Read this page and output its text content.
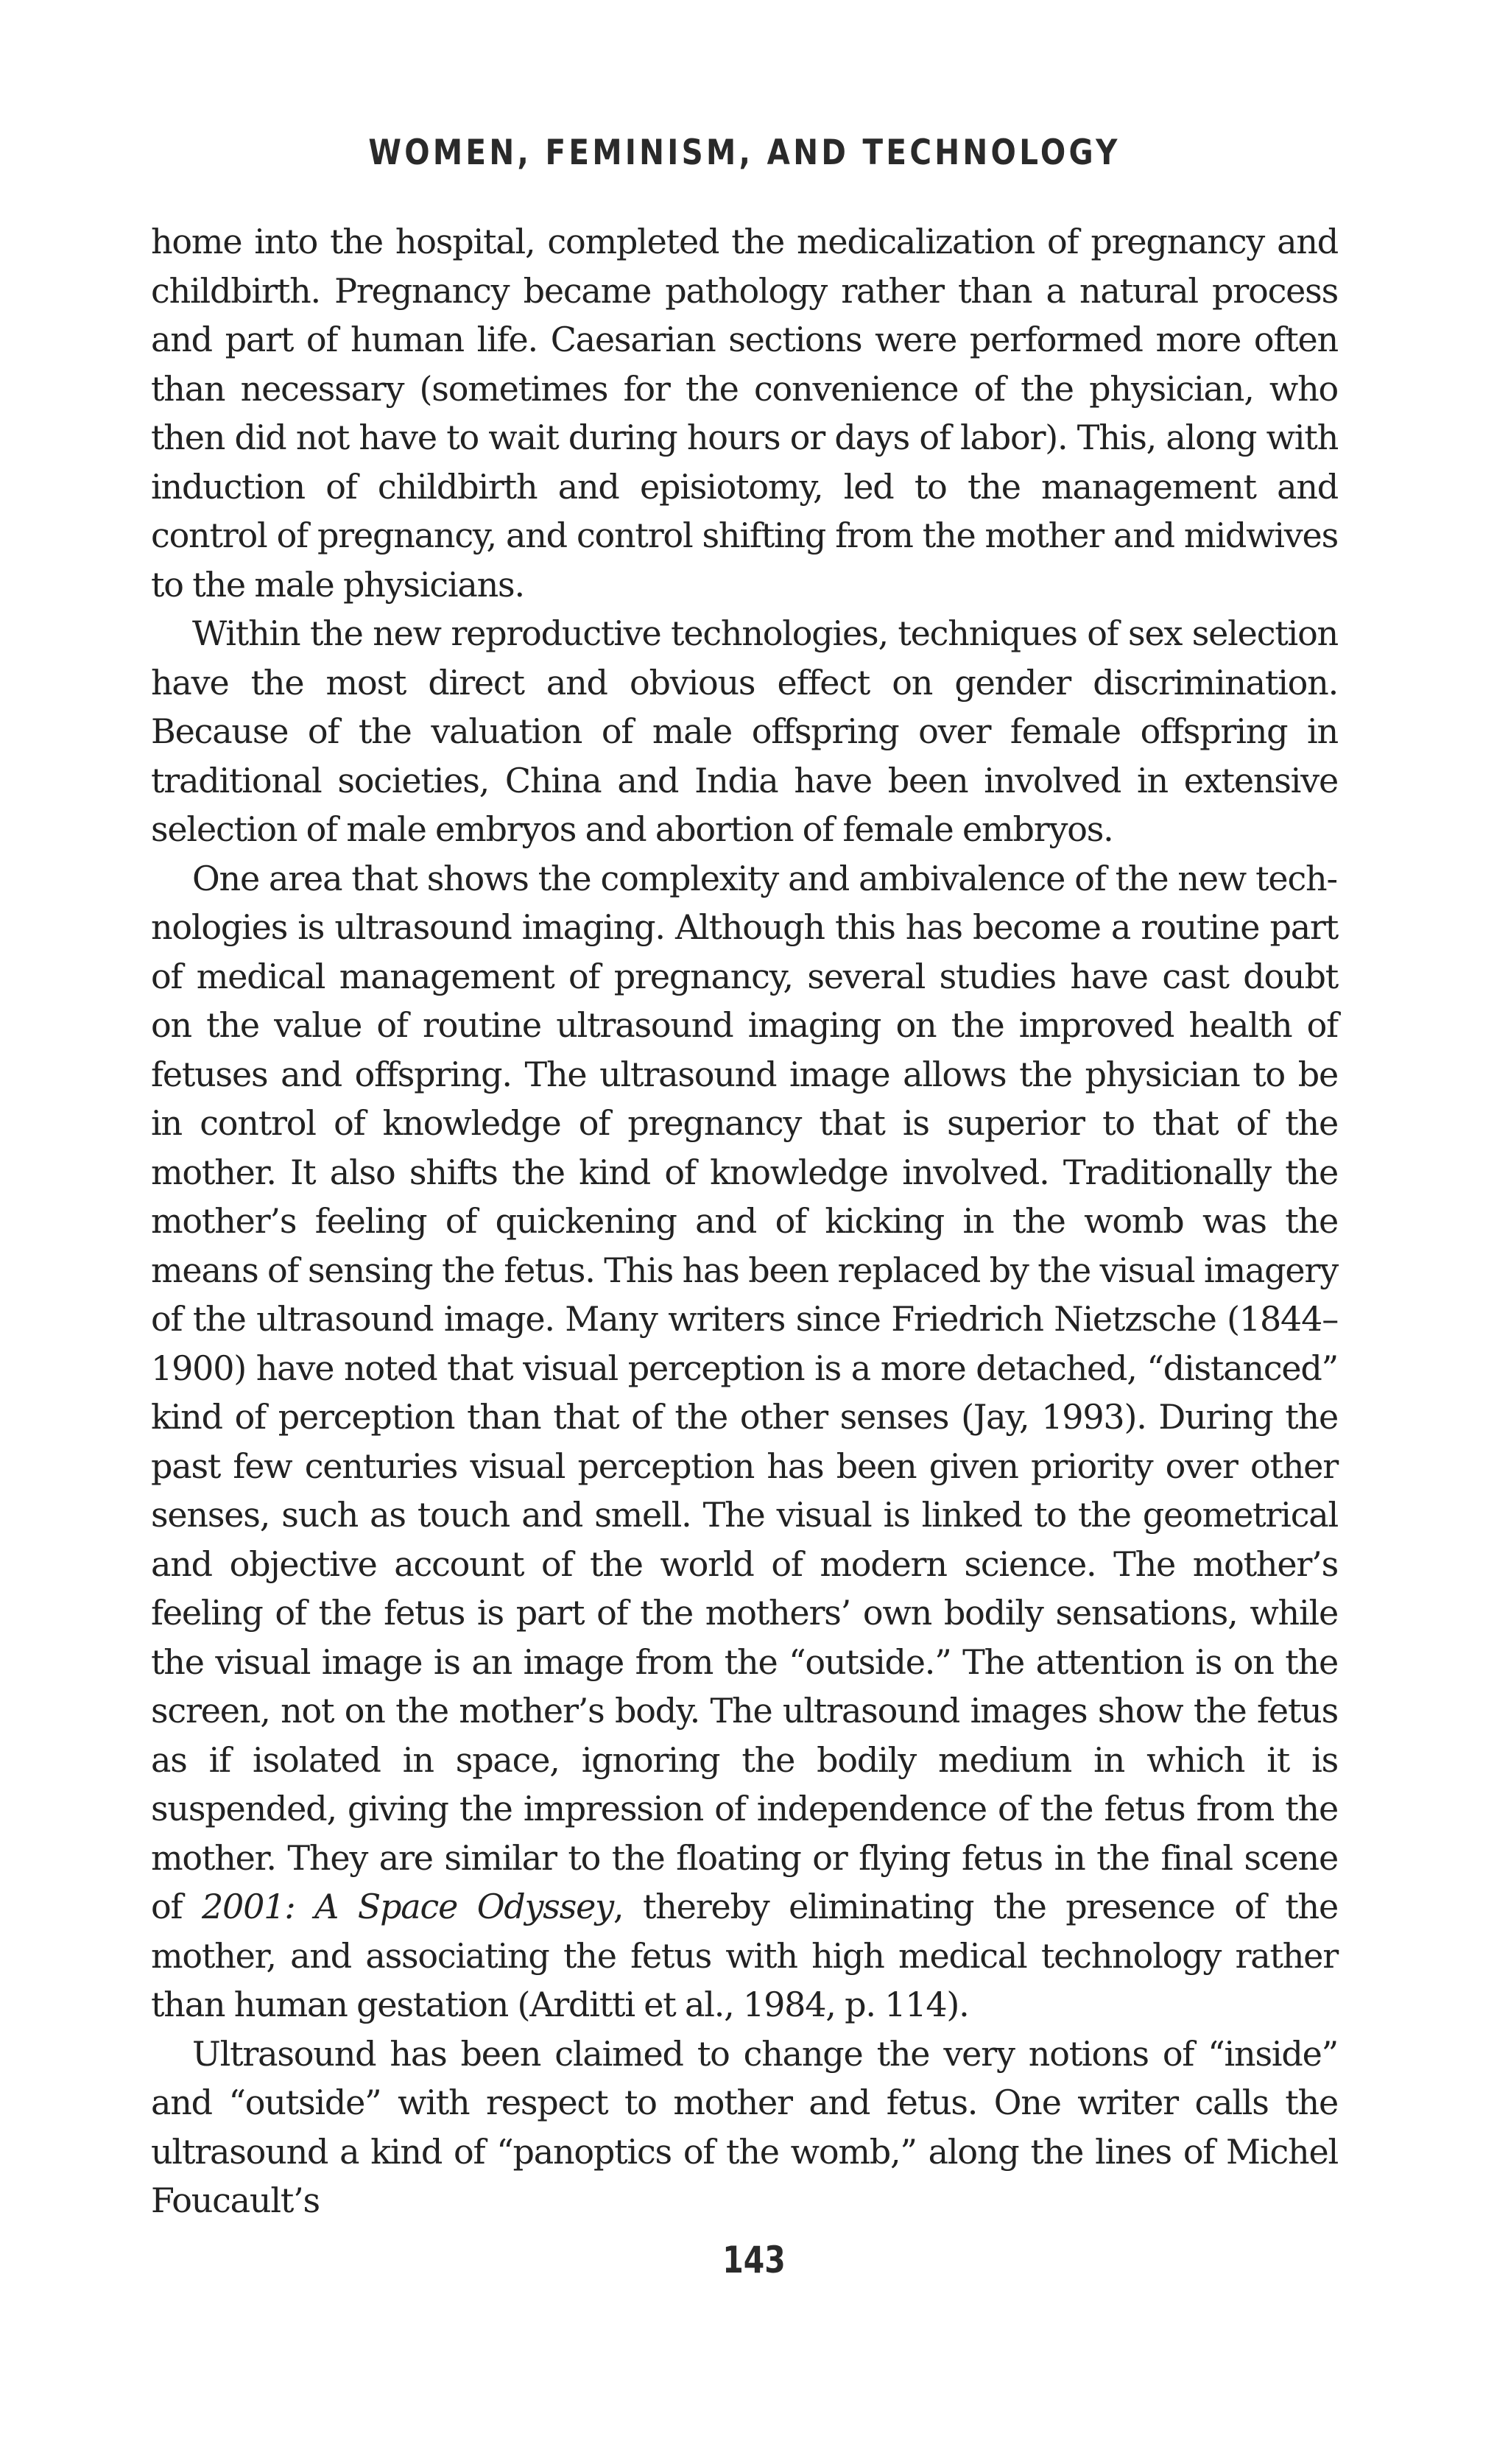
WOMEN, FEMINISM, AND TECHNOLOGY

home into the hospital, completed the medicalization of pregnancy and childbirth. Pregnancy became pathology rather than a natural process and part of human life. Caesarian sections were performed more often than necessary (sometimes for the convenience of the physician, who then did not have to wait during hours or days of labor). This, along with induction of childbirth and episiotomy, led to the management and control of pregnancy, and control shifting from the mother and midwives to the male physicians.

Within the new reproductive technologies, techniques of sex selection have the most direct and obvious effect on gender discrimination. Because of the valuation of male offspring over female offspring in traditional societies, China and India have been involved in extensive selection of male embryos and abortion of female embryos.

One area that shows the complexity and ambivalence of the new technologies is ultrasound imaging. Although this has become a routine part of medical management of pregnancy, several studies have cast doubt on the value of routine ultrasound imaging on the improved health of fetuses and offspring. The ultrasound image allows the physician to be in control of knowledge of pregnancy that is superior to that of the mother. It also shifts the kind of knowledge involved. Traditionally the mother’s feeling of quickening and of kicking in the womb was the means of sensing the fetus. This has been replaced by the visual imagery of the ultrasound image. Many writers since Friedrich Nietzsche (1844–1900) have noted that visual perception is a more detached, “distanced” kind of perception than that of the other senses (Jay, 1993). During the past few centuries visual perception has been given priority over other senses, such as touch and smell. The visual is linked to the geometrical and objective account of the world of modern science. The mother’s feeling of the fetus is part of the mothers’ own bodily sensations, while the visual image is an image from the “outside.” The attention is on the screen, not on the mother’s body. The ultrasound images show the fetus as if isolated in space, ignoring the bodily medium in which it is suspended, giving the impression of independence of the fetus from the mother. They are similar to the floating or flying fetus in the final scene of 2001: A Space Odyssey, thereby eliminating the presence of the mother, and associating the fetus with high medical technology rather than human gestation (Arditti et al., 1984, p. 114).

Ultrasound has been claimed to change the very notions of “inside” and “outside” with respect to mother and fetus. One writer calls the ultrasound a kind of “panoptics of the womb,” along the lines of Michel Foucault’s

143
